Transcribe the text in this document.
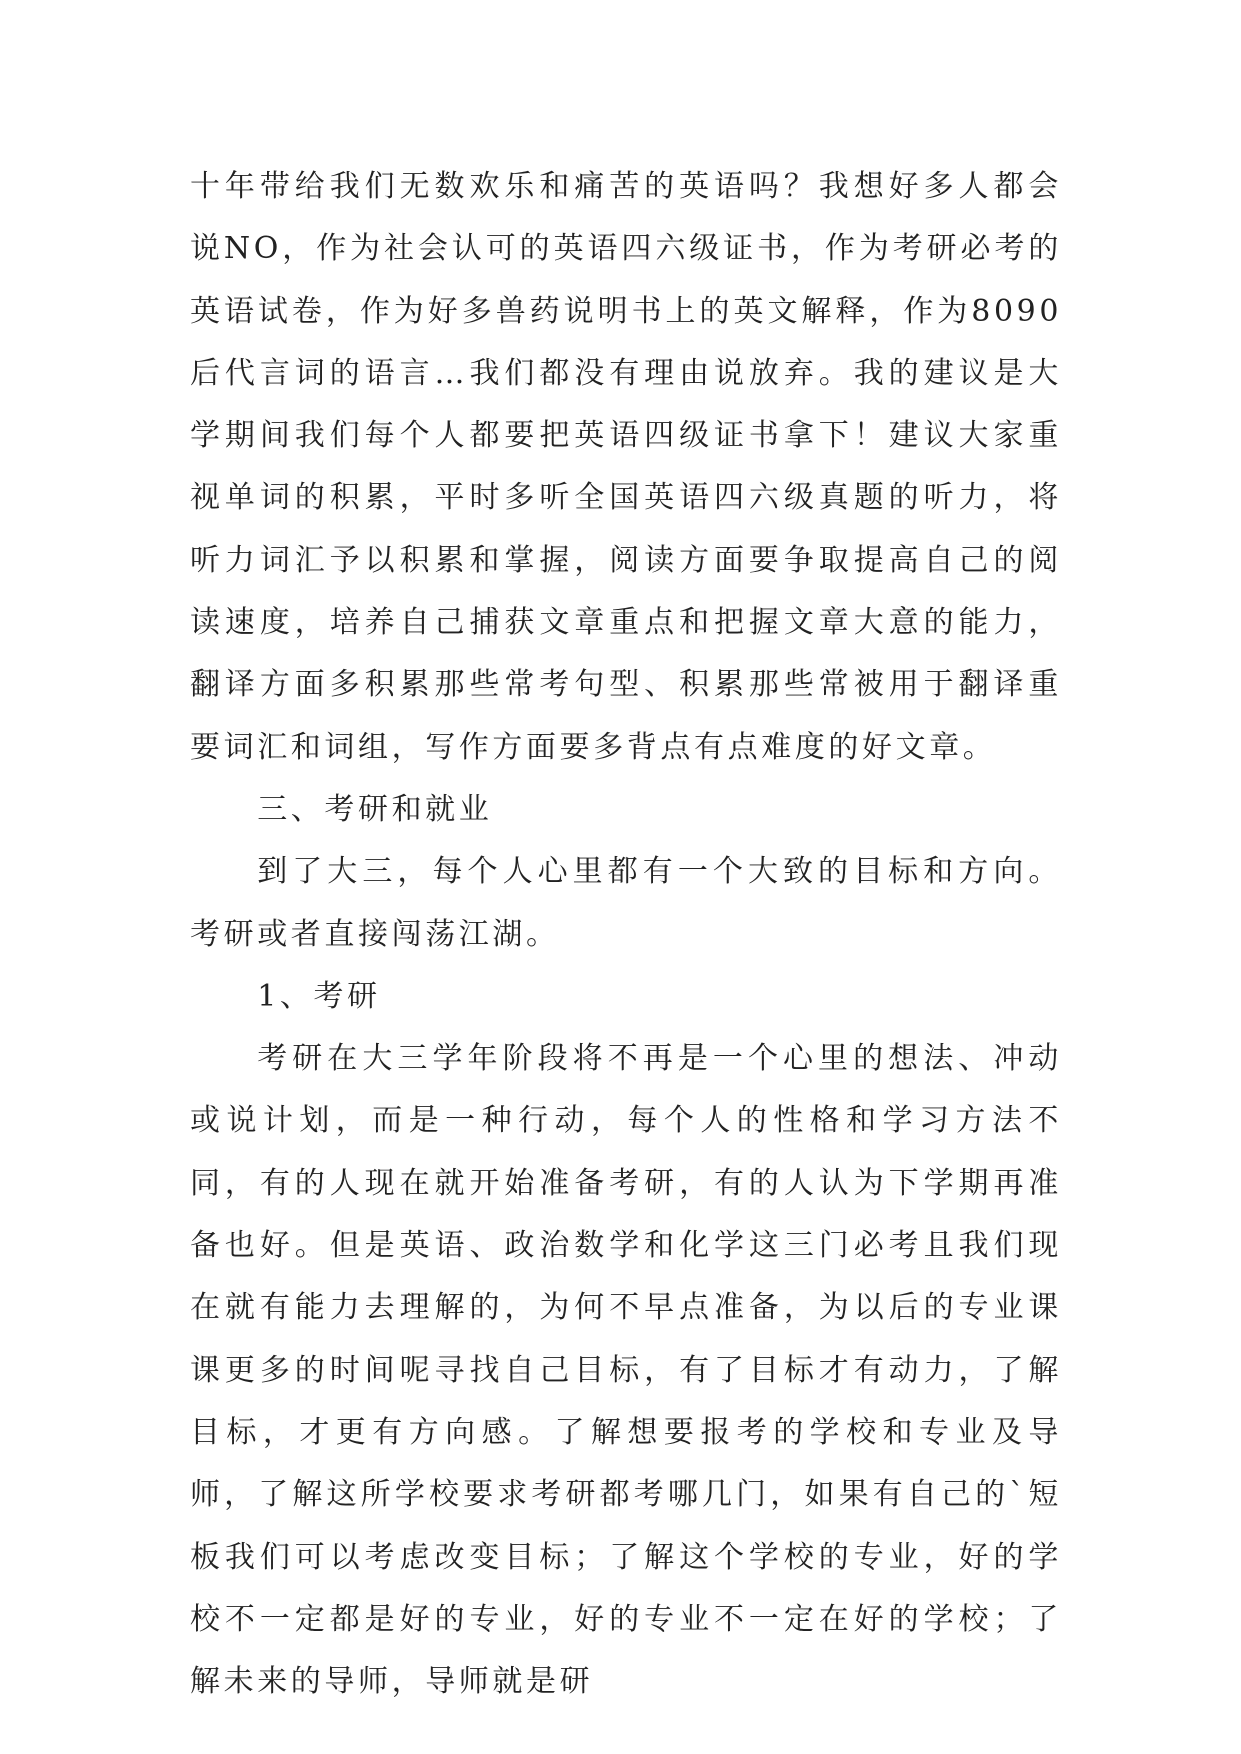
十年带给我们无数欢乐和痛苦的英语吗？我想好多人都会说NO，作为社会认可的英语四六级证书，作为考研必考的英语试卷，作为好多兽药说明书上的英文解释，作为8090后代言词的语言…我们都没有理由说放弃。我的建议是大学期间我们每个人都要把英语四级证书拿下！建议大家重视单词的积累，平时多听全国英语四六级真题的听力，将听力词汇予以积累和掌握，阅读方面要争取提高自己的阅读速度，培养自己捕获文章重点和把握文章大意的能力，翻译方面多积累那些常考句型、积累那些常被用于翻译重要词汇和词组，写作方面要多背点有点难度的好文章。

三、考研和就业

到了大三，每个人心里都有一个大致的目标和方向。考研或者直接闯荡江湖。

1、考研

考研在大三学年阶段将不再是一个心里的想法、冲动或说计划，而是一种行动，每个人的性格和学习方法不同，有的人现在就开始准备考研，有的人认为下学期再准备也好。但是英语、政治数学和化学这三门必考且我们现在就有能力去理解的，为何不早点准备，为以后的专业课课更多的时间呢寻找自己目标，有了目标才有动力，了解目标，才更有方向感。了解想要报考的学校和专业及导师，了解这所学校要求考研都考哪几门，如果有自己的`短板我们可以考虑改变目标；了解这个学校的专业，好的学校不一定都是好的专业，好的专业不一定在好的学校；了解未来的导师，导师就是研
